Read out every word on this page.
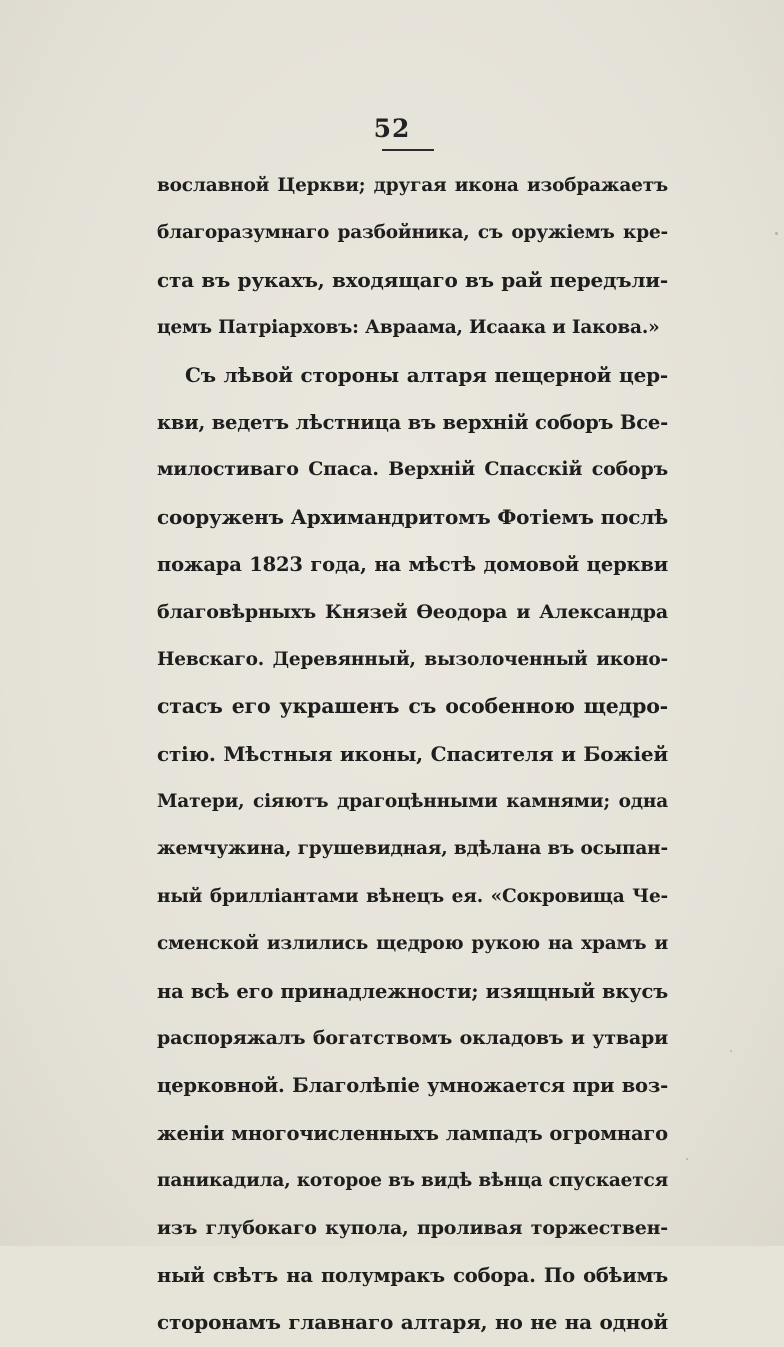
52
вославной Церкви; другая икона изображаетъ
благоразумнаго разбойника, съ оружіемъ кре-
ста въ рукахъ, входящаго въ рай передъли-
цемъ Патріарховъ: Авраама, Исаака и Іакова.»
Съ лѣвой стороны алтаря пещерной цер-
кви, ведетъ лѣстница въ верхній соборъ Все-
милостиваго Спаса. Верхній Спасскій соборъ
сооруженъ Архимандритомъ Фотіемъ послѣ
пожара 1823 года, на мѣстѣ домовой церкви
благовѣрныхъ Князей Ѳеодора и Александра
Невскаго. Деревянный, вызолоченный иконо-
стасъ его украшенъ съ особенною щедро-
стію. Мѣстныя иконы, Спасителя и Божіей
Матери, сіяютъ драгоцѣнными камнями; одна
жемчужина, грушевидная, вдѣлана въ осыпан-
ный брилліантами вѣнецъ ея. «Сокровища Че-
сменской излились щедрою рукою на храмъ и
на всѣ его принадлежности; изящный вкусъ
распоряжалъ богатствомъ окладовъ и утвари
церковной. Благолѣпіе умножается при воз-
женіи многочисленныхъ лампадъ огромнаго
паникадила, которое въ видѣ вѣнца спускается
изъ глубокаго купола, проливая торжествен-
ный свѣтъ на полумракъ собора. По обѣимъ
сторонамъ главнаго алтаря, но не на одной
